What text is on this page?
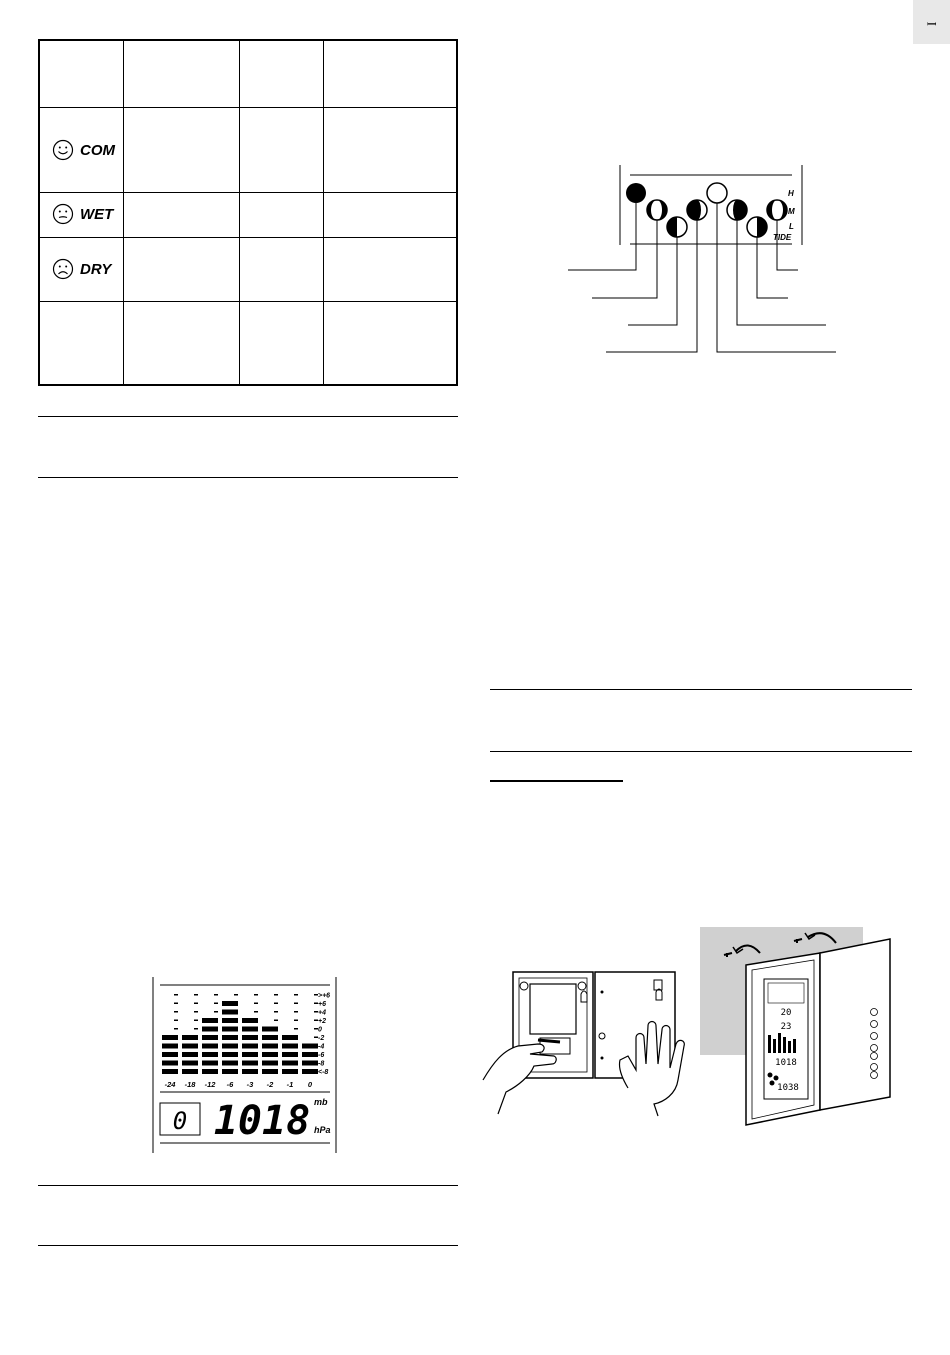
I
COM
WET
DRY
H
M
L
TIDE
>+6
+6
+4
+2
0
-2
-4
-6
-8
<-8
-24 -18 -12 -6 -3 -2 -1 0
0 1018 mb
hPa
20
23
1018
1038
